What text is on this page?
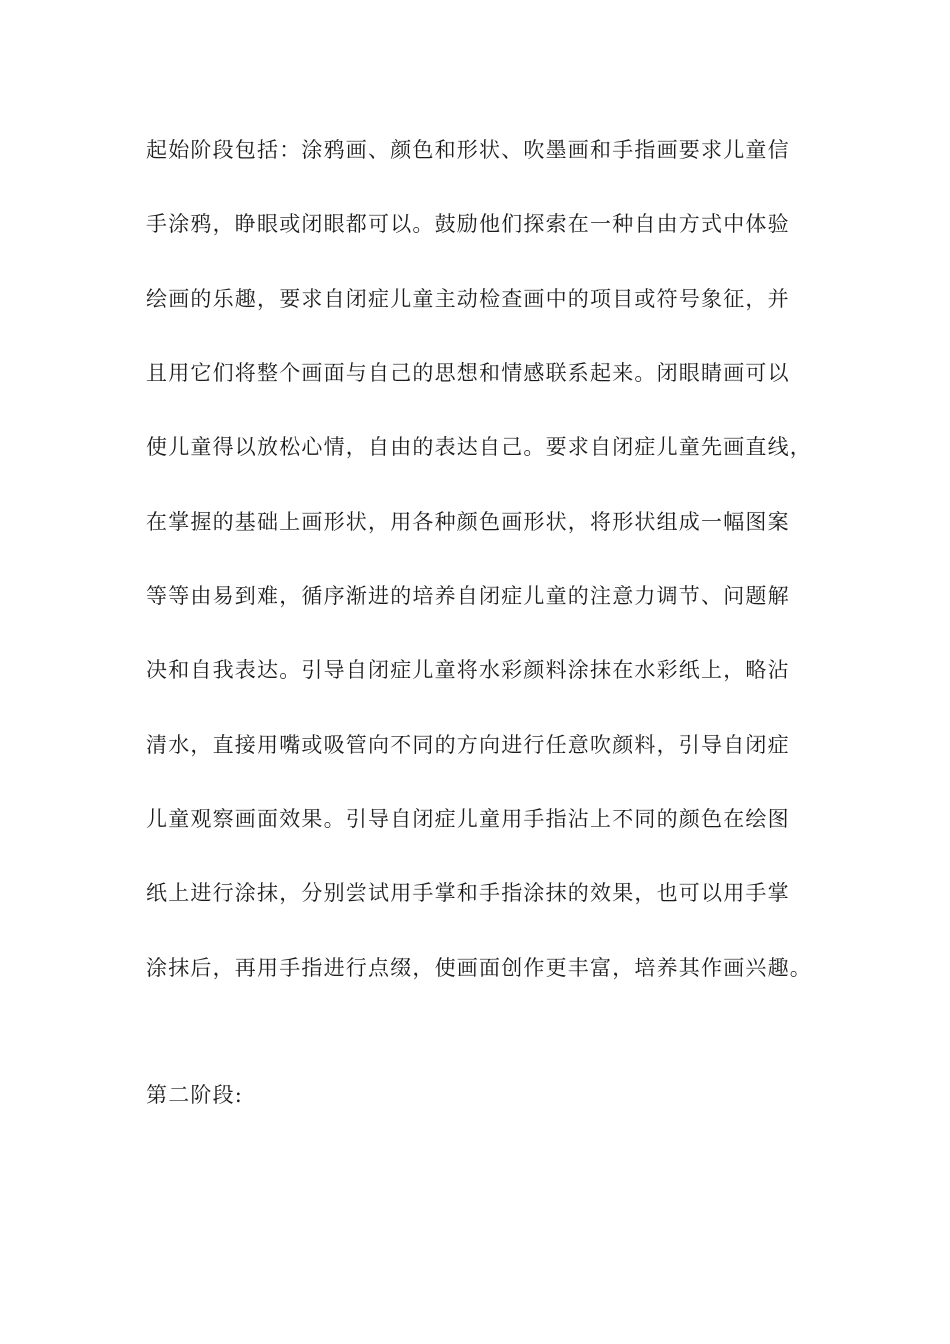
起始阶段包括：涂鸦画、颜色和形状、吹墨画和手指画要求儿童信

手涂鸦，睁眼或闭眼都可以。鼓励他们探索在一种自由方式中体验

绘画的乐趣，要求自闭症儿童主动检查画中的项目或符号象征，并

且用它们将整个画面与自己的思想和情感联系起来。闭眼睛画可以

使儿童得以放松心情，自由的表达自己。要求自闭症儿童先画直线，

在掌握的基础上画形状，用各种颜色画形状，将形状组成一幅图案

等等由易到难，循序渐进的培养自闭症儿童的注意力调节、问题解

决和自我表达。引导自闭症儿童将水彩颜料涂抹在水彩纸上，略沾

清水，直接用嘴或吸管向不同的方向进行任意吹颜料，引导自闭症

儿童观察画面效果。引导自闭症儿童用手指沾上不同的颜色在绘图

纸上进行涂抹，分别尝试用手掌和手指涂抹的效果，也可以用手掌

涂抹后，再用手指进行点缀，使画面创作更丰富，培养其作画兴趣。

第二阶段:
